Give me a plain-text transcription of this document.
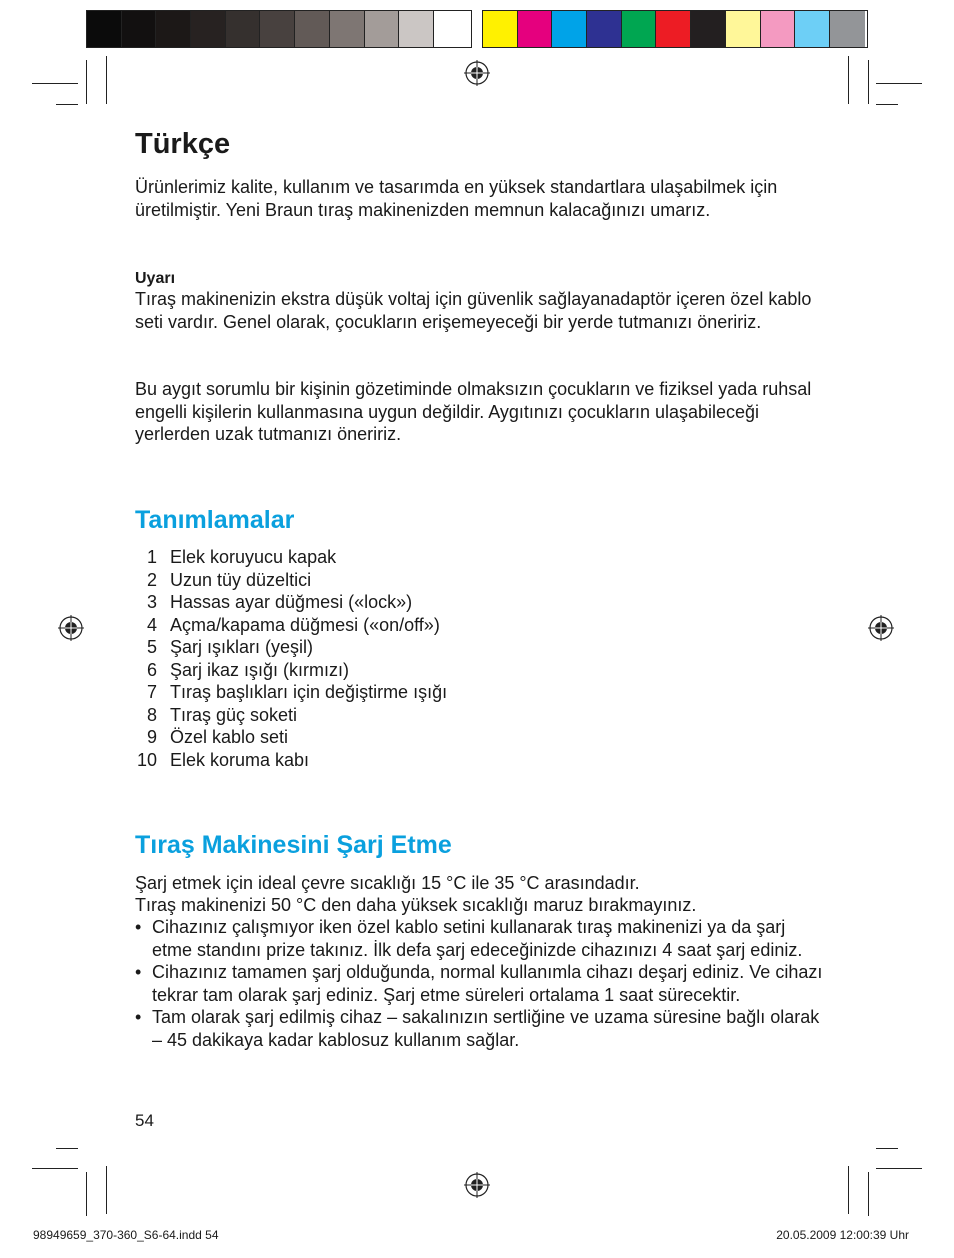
Türkçe

Ürünlerimiz kalite, kullanım ve tasarımda en yüksek standartlara ulaşabilmek için üretilmiştir. Yeni Braun tıraş makinenizden memnun kalacağınızı umarız.

Uyarı

Tıraş makinenizin ekstra düşük voltaj için güvenlik sağlayanadaptör içeren özel kablo seti vardır. Genel olarak, çocukların erişemeyeceği bir yerde tutmanızı öneririz.

Bu aygıt sorumlu bir kişinin gözetiminde olmaksızın çocukların ve fiziksel yada ruhsal engelli kişilerin kullanmasına uygun değildir. Aygıtınızı çocukların ulaşabileceği yerlerden uzak tutmanızı öneririz.

Tanımlamalar
1 Elek koruyucu kapak
2 Uzun tüy düzeltici
3 Hassas ayar düğmesi («lock»)
4 Açma/kapama düğmesi («on/off»)
5 Şarj ışıkları (yeşil)
6 Şarj ikaz ışığı (kırmızı)
7 Tıraş başlıkları için değiştirme ışığı
8 Tıraş güç soketi
9 Özel kablo seti
10 Elek koruma kabı
Tıraş Makinesini Şarj Etme

Şarj etmek için ideal çevre sıcaklığı 15 °C ile 35 °C arasındadır.

Tıraş makinenizi 50 °C den daha yüksek sıcaklığı maruz bırakmayınız.

• Cihazınız çalışmıyor iken özel kablo setini kullanarak tıraş makinenizi ya da şarj etme standını prize takınız. İlk defa şarj edeceğinizde cihazınızı 4 saat şarj ediniz.
• Cihazınız tamamen şarj olduğunda, normal kullanımla cihazı deşarj ediniz. Ve cihazı tekrar tam olarak şarj ediniz. Şarj etme süreleri ortalama 1 saat sürecektir.
• Tam olarak şarj edilmiş cihaz – sakalınızın sertliğine ve uzama süresine bağlı olarak – 45 dakikaya kadar kablosuz kullanım sağlar.
54
98949659_370-360_S6-64.indd 54	20.05.2009 12:00:39 Uhr
